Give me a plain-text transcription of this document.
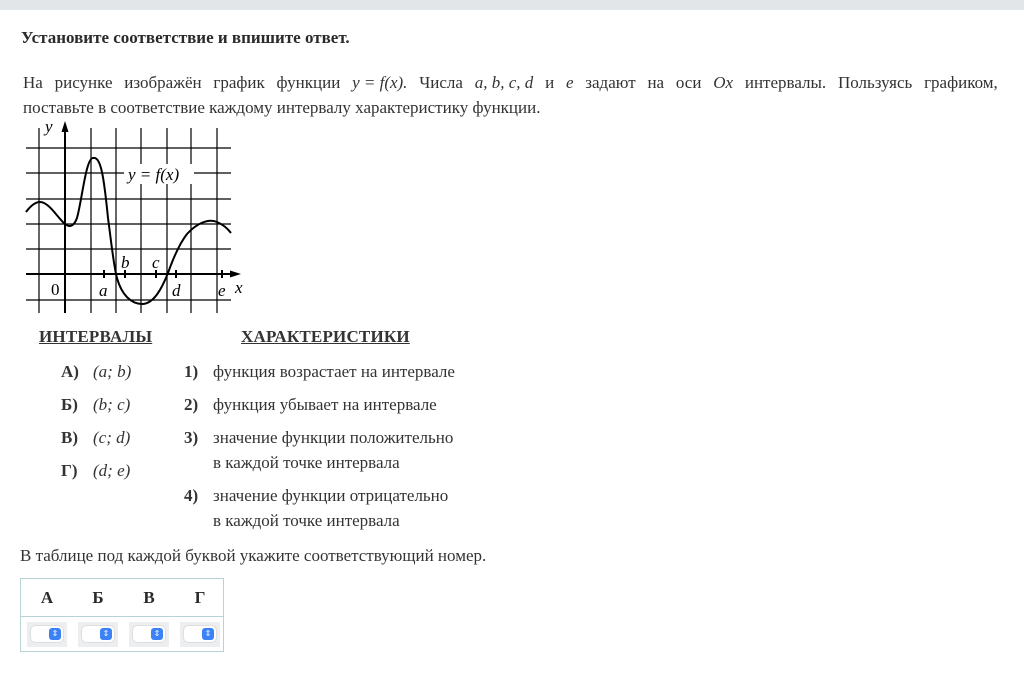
Установите соответствие и впишите ответ.
На рисунке изображён график функции y = f(x). Числа a, b, c, d и e задают на оси Ox интервалы. Пользуясь графиком,
поставьте в соответствие каждому интервалу характеристику функции.
y = f(x)
y
x
0 a
b c
d e
ИНТЕРВАЛЫ	ХАРАКТЕРИСТИКИ
А) (a; b)
Б) (b; c)
В) (c; d)
Г) (d; e)
1) функция возрастает на интервале
2) функция убывает на интервале
3) значение функции положительно
в каждой точке интервала
4) значение функции отрицательно
в каждой точке интервала
В таблице под каждой буквой укажите соответствующий номер.
А	Б	В	Г
⇕	⇕	⇕	⇕
